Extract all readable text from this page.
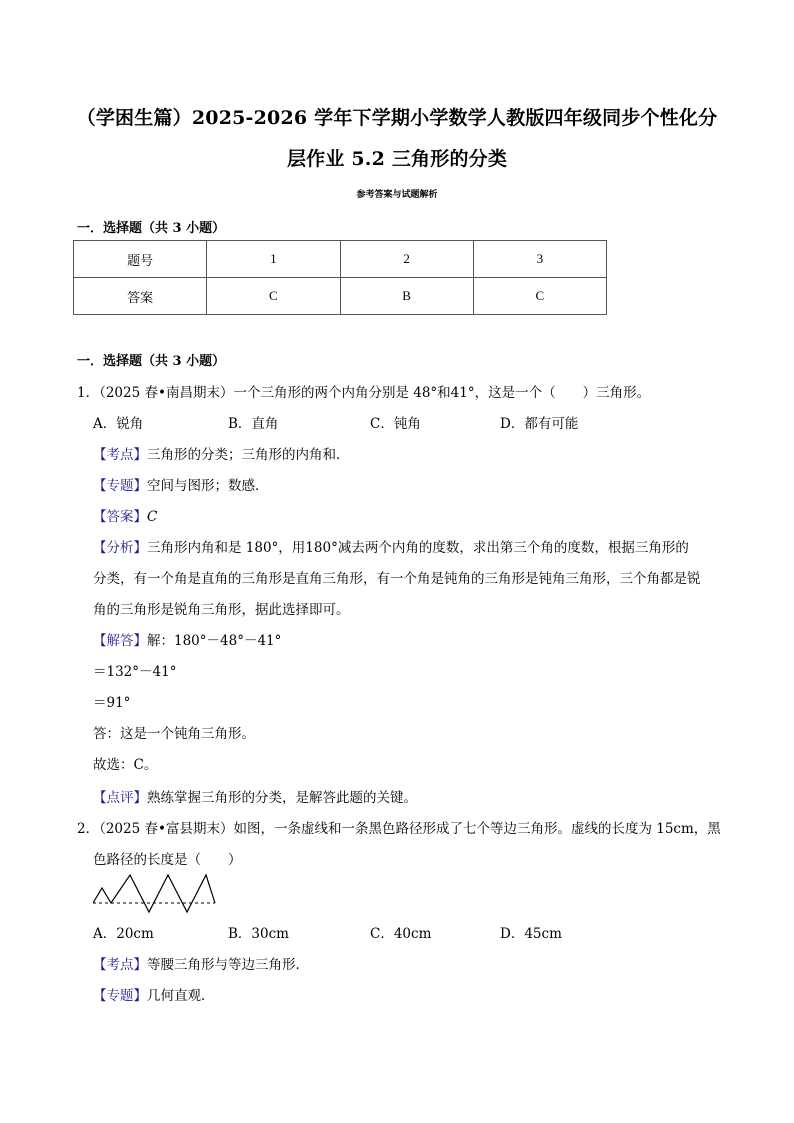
（学困生篇）2025-2026 学年下学期小学数学人教版四年级同步个性化分
层作业 5.2 三角形的分类
参考答案与试题解析
一．选择题（共 3 小题）
题号	1	2	3
答案	C	B	C
一．选择题（共 3 小题）
1．（2025 春•南昌期末）一个三角形的两个内角分别是 48°和41°，这是一个（　　）三角形。
A．锐角	B．直角	C．钝角	D．都有可能
【考点】三角形的分类；三角形的内角和．
【专题】空间与图形；数感．
【答案】C
【分析】三角形内角和是 180°，用180°减去两个内角的度数，求出第三个角的度数，根据三角形的
分类，有一个角是直角的三角形是直角三角形，有一个角是钝角的三角形是钝角三角形，三个角都是锐
角的三角形是锐角三角形，据此选择即可。
【解答】解：180°－48°－41°
＝132°－41°
＝91°
答：这是一个钝角三角形。
故选：C。
【点评】熟练掌握三角形的分类，是解答此题的关键。
2．（2025 春•富县期末）如图，一条虚线和一条黑色路径形成了七个等边三角形。虚线的长度为 15cm，黑
色路径的长度是（　　）
A．20cm	B．30cm	C．40cm	D．45cm
【考点】等腰三角形与等边三角形．
【专题】几何直观．
